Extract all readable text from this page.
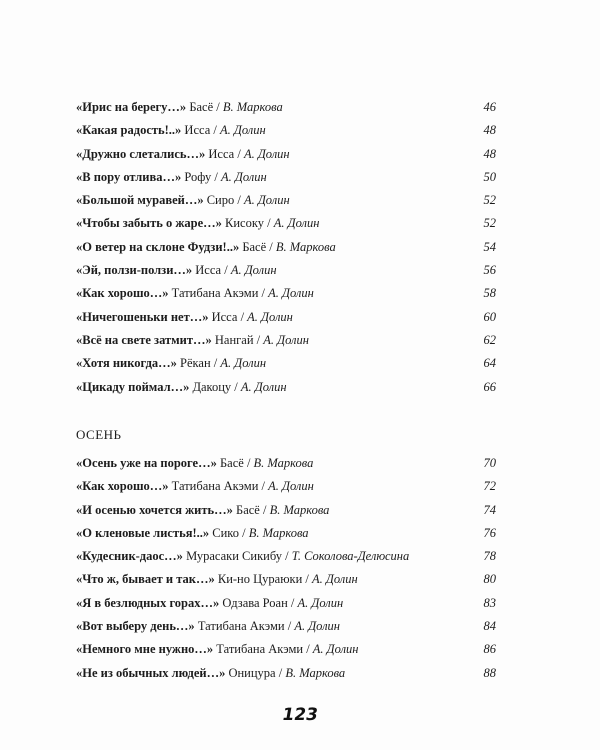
«Ирис на берегу…» Басё / В. Маркова	46
«Какая радость!..» Исса / А. Долин	48
«Дружно слетались…» Исса / А. Долин	48
«В пору отлива…» Рофу / А. Долин	50
«Большой муравей…» Сиро / А. Долин	52
«Чтобы забыть о жаре…» Кисоку / А. Долин	52
«О ветер на склоне Фудзи!..» Басё / В. Маркова	54
«Эй, ползи-ползи…» Исса / А. Долин	56
«Как хорошо…» Татибана Акэми / А. Долин	58
«Ничегошеньки нет…» Исса / А. Долин	60
«Всё на свете затмит…» Нангай / А. Долин	62
«Хотя никогда…» Рёкан / А. Долин	64
«Цикаду поймал…» Дакоцу / А. Долин	66
ОСЕНЬ
«Осень уже на пороге…» Басё / В. Маркова	70
«Как хорошо…» Татибана Акэми / А. Долин	72
«И осенью хочется жить…» Басё / В. Маркова	74
«О кленовые листья!..» Сико / В. Маркова	76
«Кудесник-даос…» Мурасаки Сикибу / Т. Соколова-Делюсина	78
«Что ж, бывает и так…» Ки-но Цураюки / А. Долин	80
«Я в безлюдных горах…» Одзава Роан / А. Долин	83
«Вот выберу день…» Татибана Акэми / А. Долин	84
«Немного мне нужно…» Татибана Акэми / А. Долин	86
«Не из обычных людей…» Оницура / В. Маркова	88
123
